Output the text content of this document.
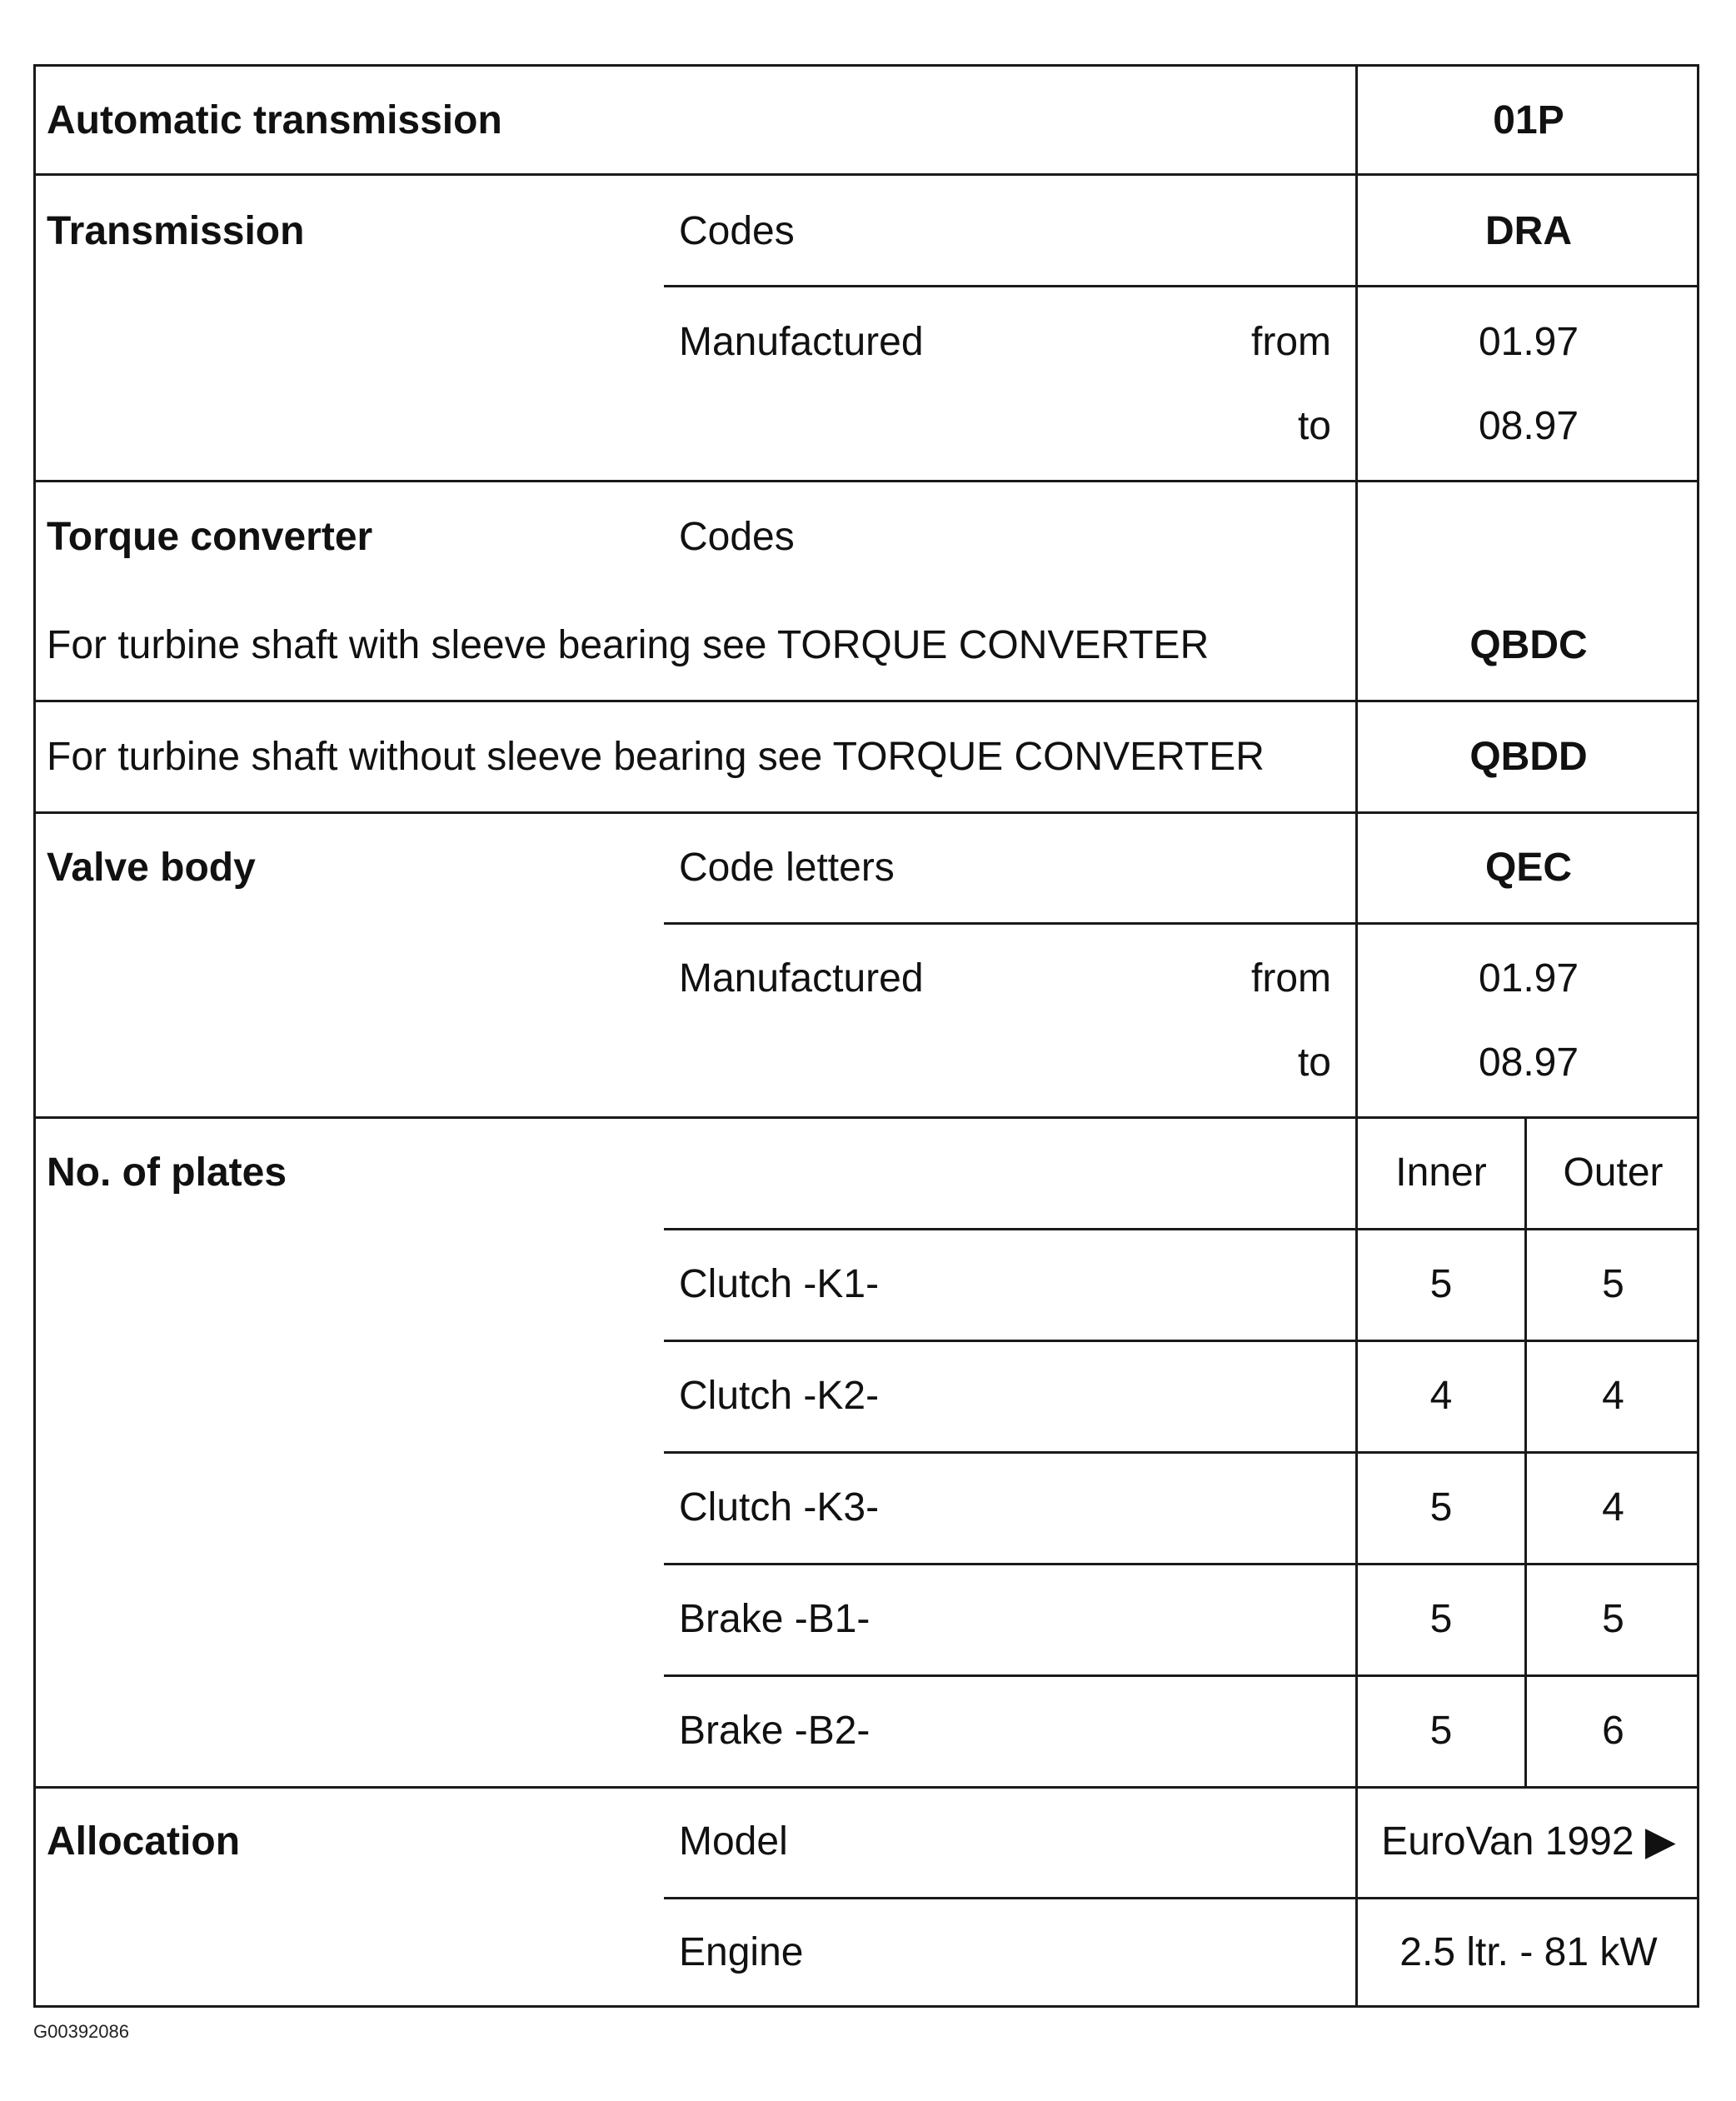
Automatic transmission	01P
Transmission	Codes	DRA
Manufactured	from	01.97
to	08.97
Torque converter	Codes
For turbine shaft with sleeve bearing see TORQUE CONVERTER	QBDC
For turbine shaft without sleeve bearing see TORQUE CONVERTER	QBDD
Valve body	Code letters	QEC
Manufactured	from	01.97
to	08.97
No. of plates	Inner	Outer
Clutch -K1-	5	5
Clutch -K2-	4	4
Clutch -K3-	5	4
Brake -B1-	5	5
Brake -B2-	5	6
Allocation	Model	EuroVan 1992 ▶
Engine	2.5 ltr. - 81 kW
G00392086
